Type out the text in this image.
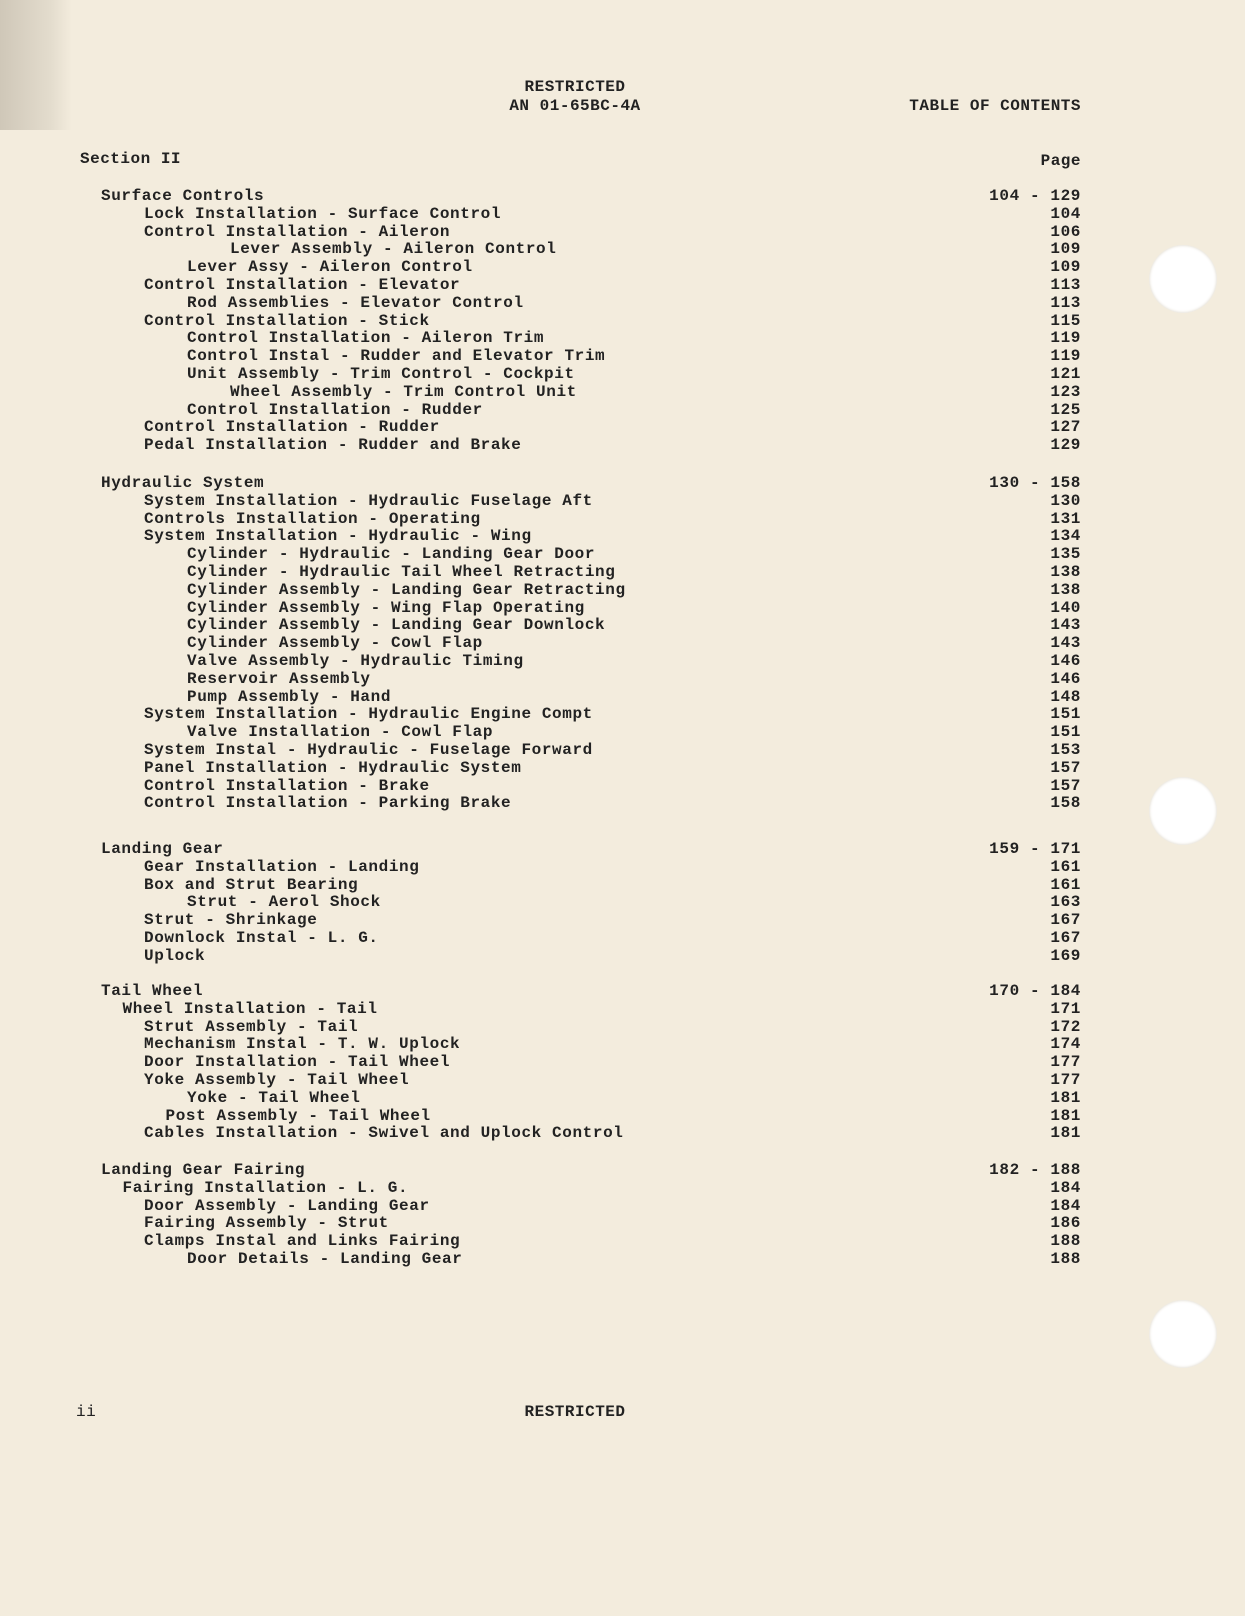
RESTRICTED
AN 01-65BC-4A	TABLE OF CONTENTS
Section II	Page
Surface Controls	104 - 129
Lock Installation - Surface Control	104
Control Installation - Aileron	106
Lever Assembly - Aileron Control	109
Lever Assy - Aileron Control	109
Control Installation - Elevator	113
Rod Assemblies - Elevator Control	113
Control Installation - Stick	115
Control Installation - Aileron Trim	119
Control Instal - Rudder and Elevator Trim	119
Unit Assembly - Trim Control - Cockpit	121
Wheel Assembly - Trim Control Unit	123
Control Installation - Rudder	125
Control Installation - Rudder	127
Pedal Installation - Rudder and Brake	129
Hydraulic System	130 - 158
System Installation - Hydraulic Fuselage Aft	130
Controls Installation - Operating	131
System Installation - Hydraulic - Wing	134
Cylinder - Hydraulic - Landing Gear Door	135
Cylinder - Hydraulic Tail Wheel Retracting	138
Cylinder Assembly - Landing Gear Retracting	138
Cylinder Assembly - Wing Flap Operating	140
Cylinder Assembly - Landing Gear Downlock	143
Cylinder Assembly - Cowl Flap	143
Valve Assembly - Hydraulic Timing	146
Reservoir Assembly	146
Pump Assembly - Hand	148
System Installation - Hydraulic Engine Compt	151
Valve Installation - Cowl Flap	151
System Instal - Hydraulic - Fuselage Forward	153
Panel Installation - Hydraulic System	157
Control Installation - Brake	157
Control Installation - Parking Brake	158
Landing Gear	159 - 171
Gear Installation - Landing	161
Box and Strut Bearing	161
Strut - Aerol Shock	163
Strut - Shrinkage	167
Downlock Instal - L. G.	167
Uplock	169
Tail Wheel	170 - 184
Wheel Installation - Tail	171
Strut Assembly - Tail	172
Mechanism Instal - T. W. Uplock	174
Door Installation - Tail Wheel	177
Yoke Assembly - Tail Wheel	177
Yoke - Tail Wheel	181
Post Assembly - Tail Wheel	181
Cables Installation - Swivel and Uplock Control	181
Landing Gear Fairing	182 - 188
Fairing Installation - L. G.	184
Door Assembly - Landing Gear	184
Fairing Assembly - Strut	186
Clamps Instal and Links Fairing	188
Door Details - Landing Gear	188
ii	RESTRICTED
